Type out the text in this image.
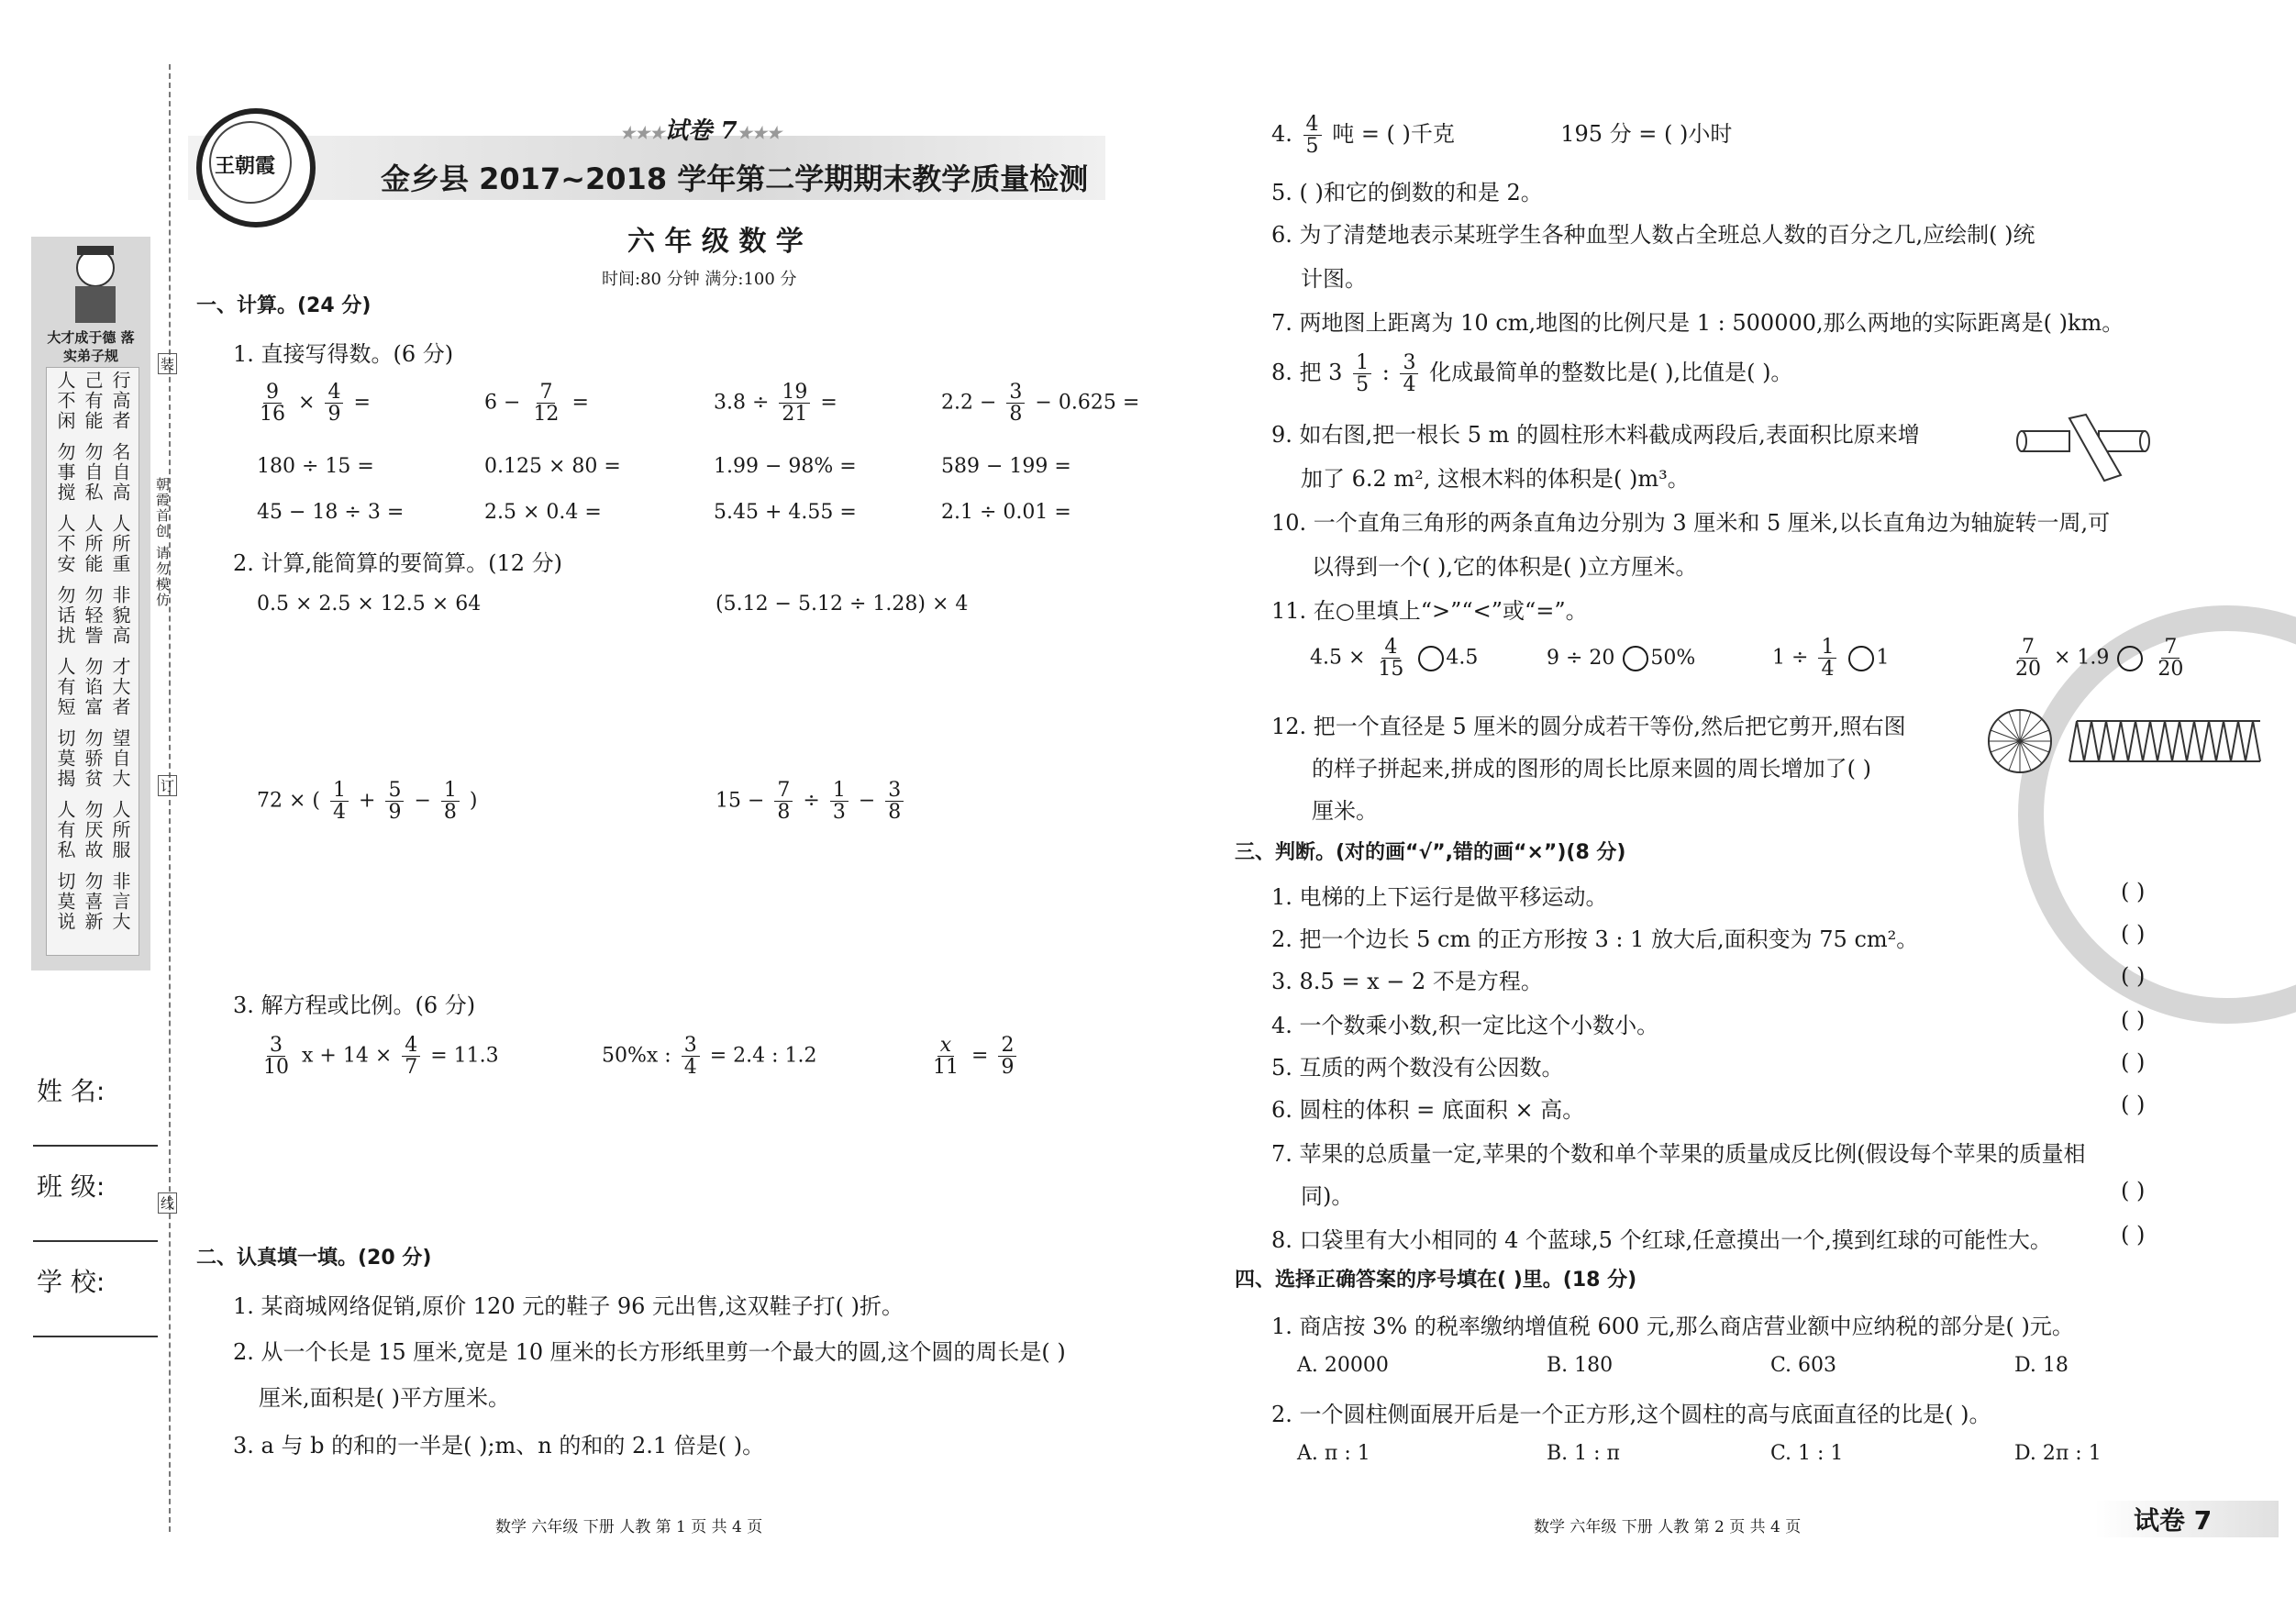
大才成于德 落实弟子规
行高者
己有能
人不闲
名自高
勿自私
勿事搅
人所重
人所能
人不安
非貌高
勿轻訾
勿话扰
才大者
勿谄富
人有短
望自大
勿骄贫
切莫揭
人所服
勿厌故
人有私
非言大
勿喜新
切莫说
朝霞首创 请勿模仿
装
订
线
姓 名:
班 级:
学 校:
王朝霞
★★★试卷 7★★★
金乡县 2017~2018 学年第二学期期末教学质量检测
六 年 级 数 学
时间:80 分钟 满分:100 分
一、计算。(24 分)
1. 直接写得数。(6 分)
$\frac{9}{16} \times \frac{4}{9}$ =	$6 - \frac{7}{12}$ =	$3.8 \div \frac{19}{21}$ =	$2.2 - \frac{3}{8} - 0.625$ =
180 ÷ 15 =	0.125 × 80 =	1.99 − 98% =	589 − 199 =
45 − 18 ÷ 3 =	2.5 × 0.4 =	5.45 + 4.55 =	2.1 ÷ 0.01 =
2. 计算,能简算的要简算。(12 分)
0.5 × 2.5 × 12.5 × 64	(5.12 − 5.12 ÷ 1.28) × 4
72 × ( $\frac{1}{4} + \frac{5}{9} - \frac{1}{8}$ )	$15 - \frac{7}{8} \div \frac{1}{3} - \frac{3}{8}$
3. 解方程或比例。(6 分)
$\frac{3}{10}$ $x + 14 \times \frac{4}{7} = 11.3$	50%x : $\frac{3}{4} = 2.4$ : 1.2	$\frac{x}{11} = \frac{2}{9}$
二、认真填一填。(20 分)
1. 某商城网络促销,原价 120 元的鞋子 96 元出售,这双鞋子打( )折。
2. 从一个长是 15 厘米,宽是 10 厘米的长方形纸里剪一个最大的圆,这个圆的周长是( )
厘米,面积是( )平方厘米。
3. a 与 b 的和的一半是( );m、n 的和的 2.1 倍是( )。
数学 六年级 下册 人教 第 1 页 共 4 页
4. $\frac{4}{5}$ 吨 = ( )千克	195 分 = ( )小时
5. ( )和它的倒数的和是 2。
6. 为了清楚地表示某班学生各种血型人数占全班总人数的百分之几,应绘制( )统
计图。
7. 两地图上距离为 10 cm,地图的比例尺是 1 : 500000,那么两地的实际距离是( )km。
8. 把 $3 \frac{1}{5}$ : $\frac{3}{4}$ 化成最简单的整数比是( ),比值是( )。
9. 如右图,把一根长 5 m 的圆柱形木料截成两段后,表面积比原来增
加了 6.2 m², 这根木料的体积是( )m³。
10. 一个直角三角形的两条直角边分别为 3 厘米和 5 厘米,以长直角边为轴旋转一周,可
以得到一个( ),它的体积是( )立方厘米。
11. 在○里填上“>”“<”或“=”。
$4.5 \times \frac{4}{15} 4.5$	9 ÷ 20 50%	$1 \div \frac{1}{4} 1$	$\frac{7}{20} \times 1.9 \frac{7}{20}$
12. 把一个直径是 5 厘米的圆分成若干等份,然后把它剪开,照右图
的样子拼起来,拼成的图形的周长比原来圆的周长增加了( )
厘米。
三、判断。(对的画“√”,错的画“×”)(8 分)
1. 电梯的上下运行是做平移运动。	( )
2. 把一个边长 5 cm 的正方形按 3 : 1 放大后,面积变为 75 cm²。	( )
3. 8.5 = x − 2 不是方程。	( )
4. 一个数乘小数,积一定比这个小数小。	( )
5. 互质的两个数没有公因数。	( )
6. 圆柱的体积 = 底面积 × 高。	( )
7. 苹果的总质量一定,苹果的个数和单个苹果的质量成反比例(假设每个苹果的质量相
同)。	( )
8. 口袋里有大小相同的 4 个蓝球,5 个红球,任意摸出一个,摸到红球的可能性大。	( )
四、选择正确答案的序号填在( )里。(18 分)
1. 商店按 3% 的税率缴纳增值税 600 元,那么商店营业额中应纳税的部分是( )元。
A. 20000	B. 180	C. 603	D. 18
2. 一个圆柱侧面展开后是一个正方形,这个圆柱的高与底面直径的比是( )。
A. π : 1	B. 1 : π	C. 1 : 1	D. 2π : 1
数学 六年级 下册 人教 第 2 页 共 4 页	试卷 7
